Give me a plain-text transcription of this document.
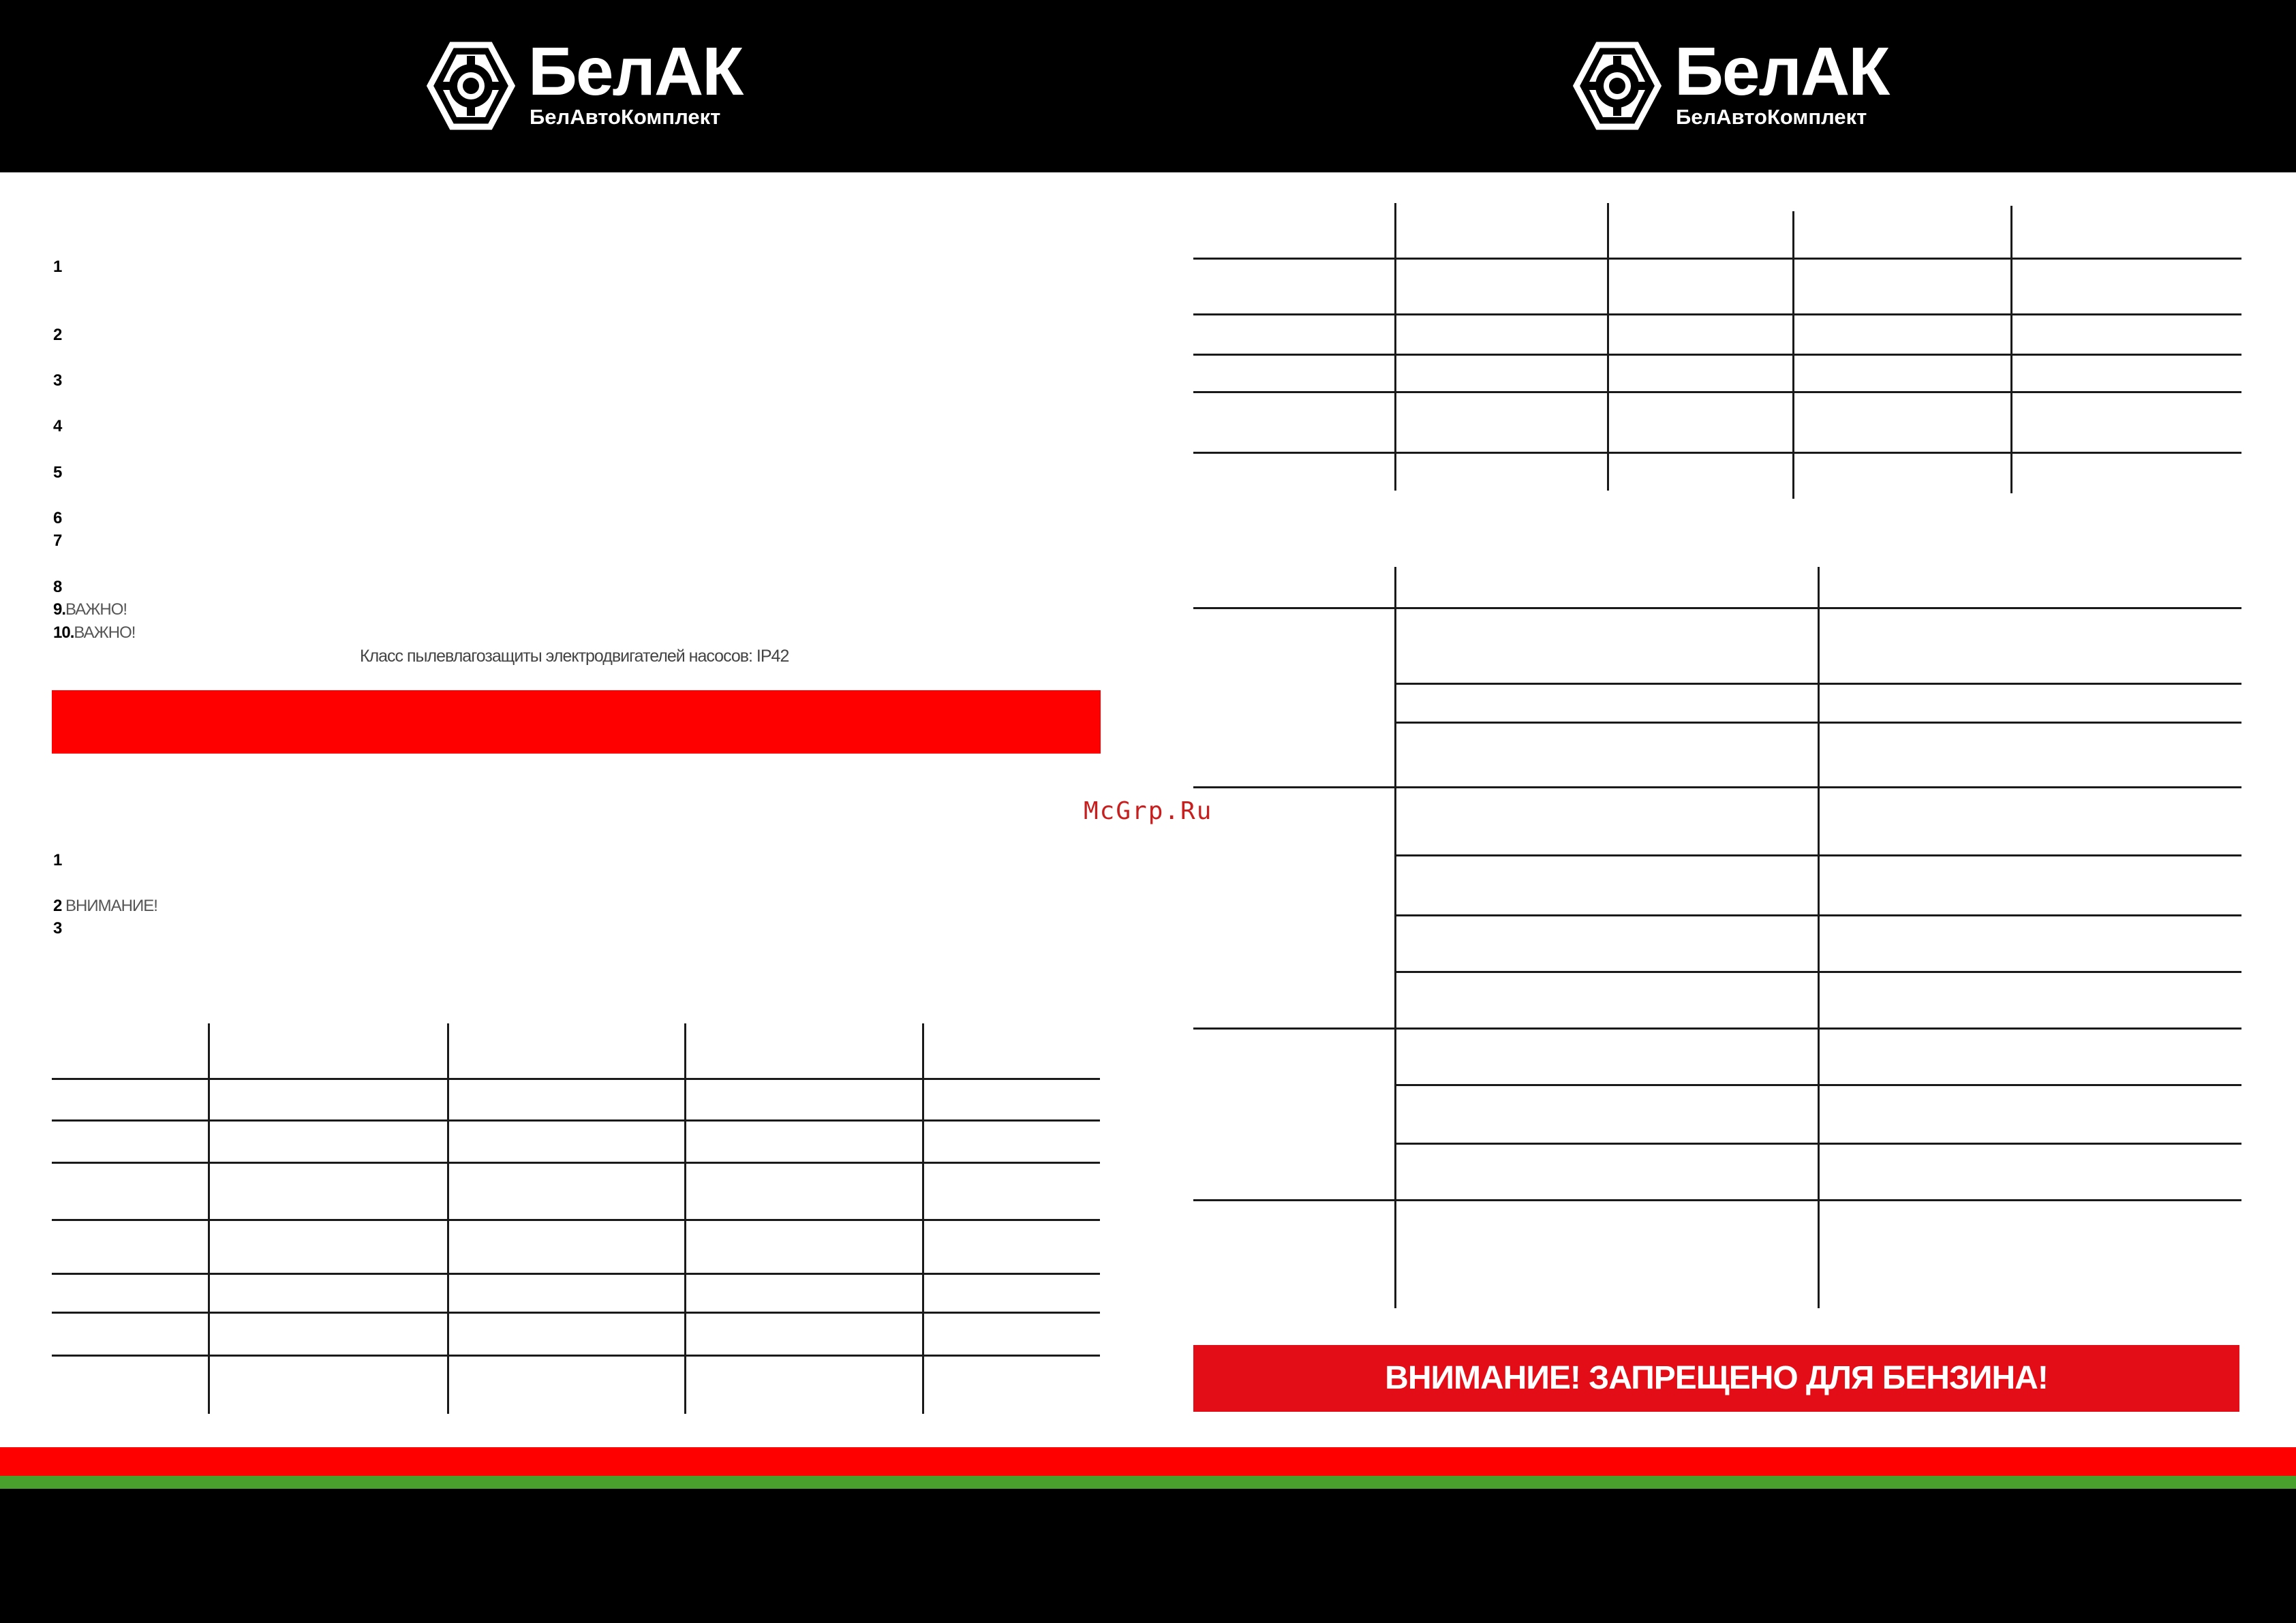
БелАК
БелАвтоКомплект
БелАК
БелАвтоКомплект
1
2
3
4
5
6
7
8
9.ВАЖНО!
10.ВАЖНО!
Класс пылевлагозащиты электродвигателей насосов: IP42
McGrp.Ru
1
2 ВНИМАНИЕ!
3
ВНИМАНИЕ! ЗАПРЕЩЕНО ДЛЯ БЕНЗИНА!
